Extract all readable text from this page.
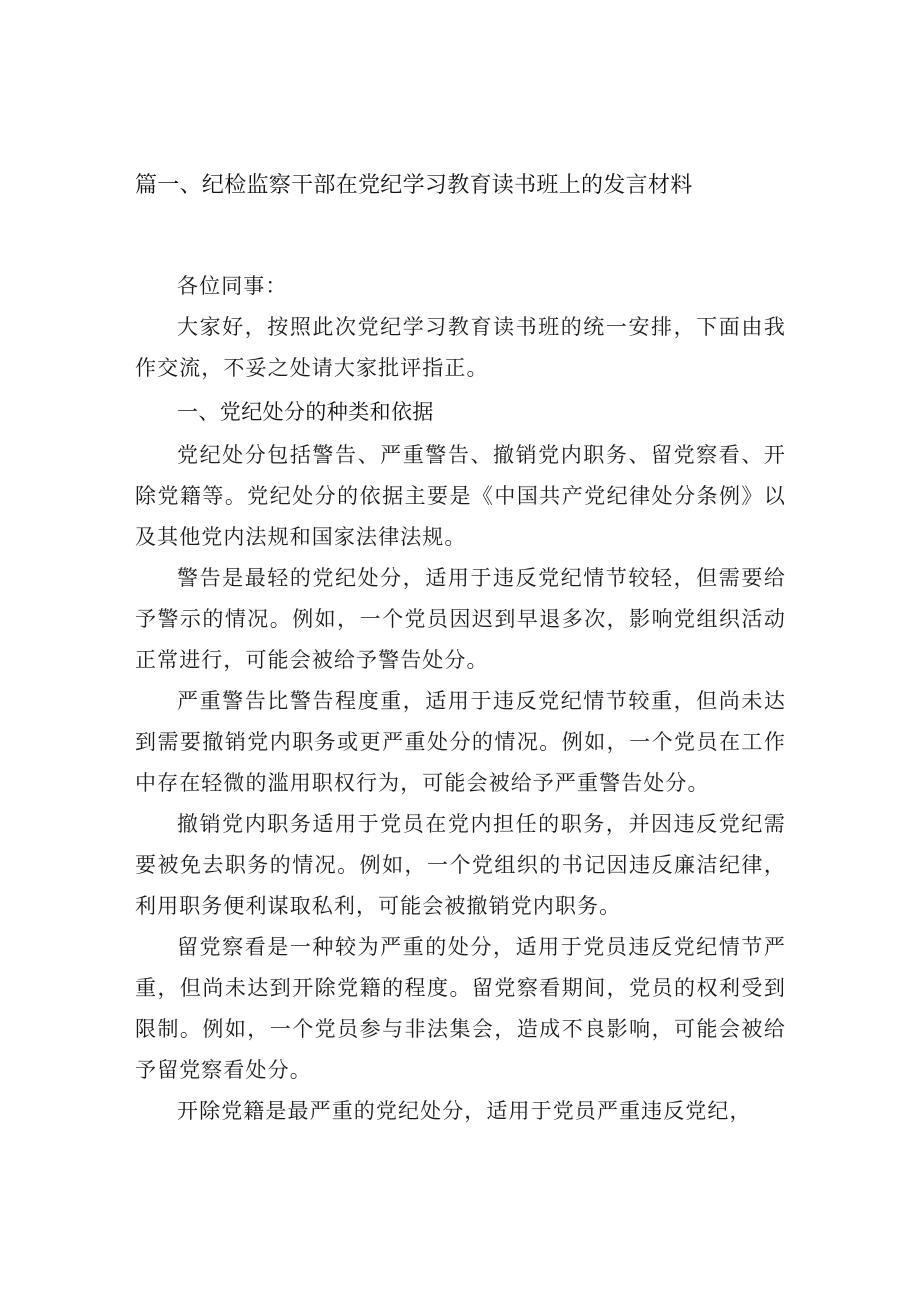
篇一、纪检监察干部在党纪学习教育读书班上的发言材料

各位同事：

大家好，按照此次党纪学习教育读书班的统一安排，下面由我作交流，不妥之处请大家批评指正。

一、党纪处分的种类和依据

党纪处分包括警告、严重警告、撤销党内职务、留党察看、开除党籍等。党纪处分的依据主要是《中国共产党纪律处分条例》以及其他党内法规和国家法律法规。

警告是最轻的党纪处分，适用于违反党纪情节较轻，但需要给予警示的情况。例如，一个党员因迟到早退多次，影响党组织活动正常进行，可能会被给予警告处分。

严重警告比警告程度重，适用于违反党纪情节较重，但尚未达到需要撤销党内职务或更严重处分的情况。例如，一个党员在工作中存在轻微的滥用职权行为，可能会被给予严重警告处分。

撤销党内职务适用于党员在党内担任的职务，并因违反党纪需要被免去职务的情况。例如，一个党组织的书记因违反廉洁纪律，利用职务便利谋取私利，可能会被撤销党内职务。

留党察看是一种较为严重的处分，适用于党员违反党纪情节严重，但尚未达到开除党籍的程度。留党察看期间，党员的权利受到限制。例如，一个党员参与非法集会，造成不良影响，可能会被给予留党察看处分。

开除党籍是最严重的党纪处分，适用于党员严重违反党纪，
